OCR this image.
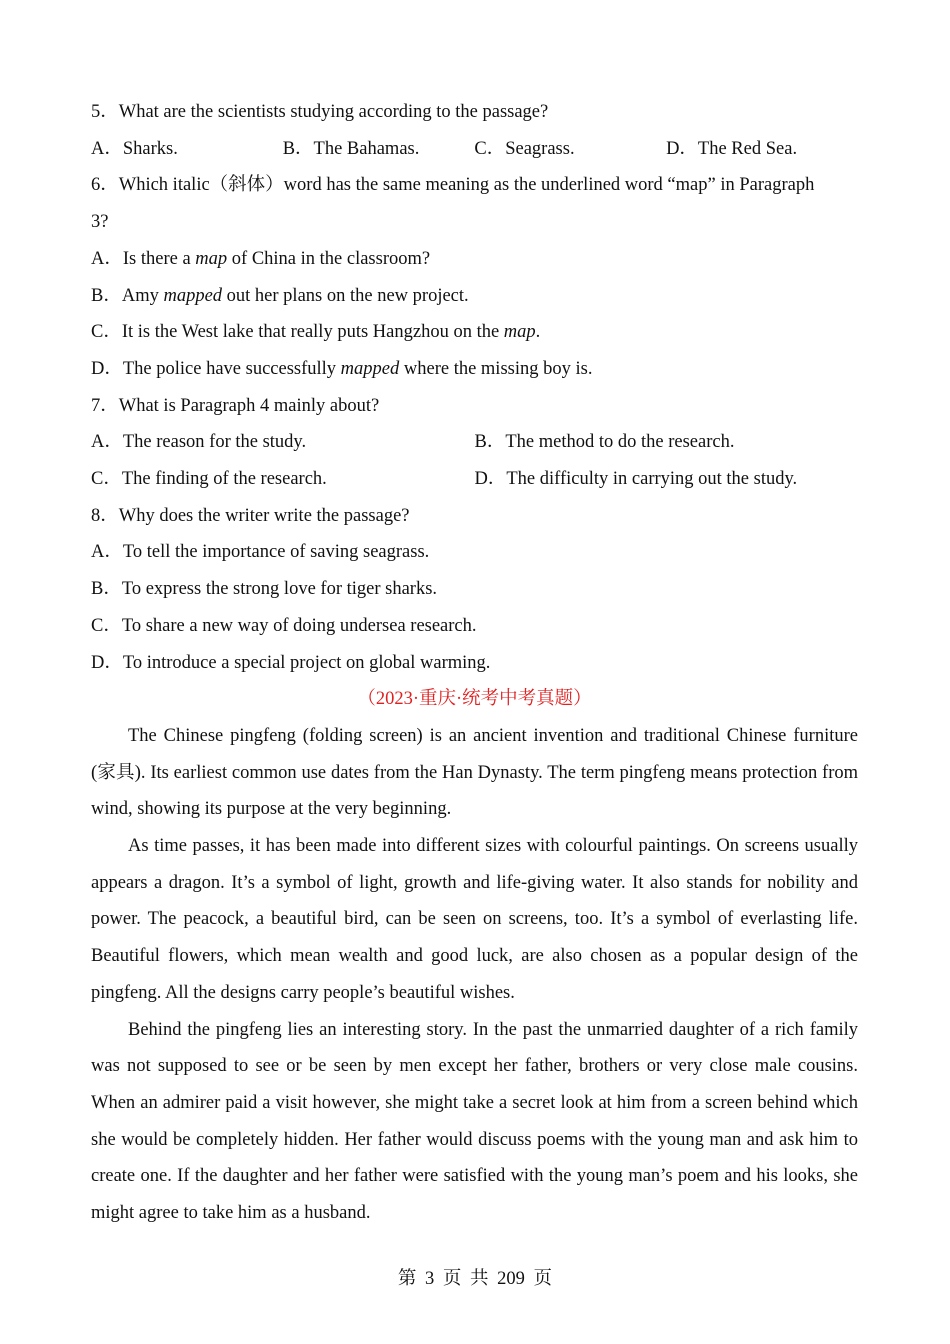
5．What are the scientists studying according to the passage?
A．Sharks.	B．The Bahamas.	C．Seagrass.	D．The Red Sea.
6．Which italic（斜体）word has the same meaning as the underlined word “map” in Paragraph
3?
A．Is there a map of China in the classroom?
B．Amy mapped out her plans on the new project.
C．It is the West lake that really puts Hangzhou on the map.
D．The police have successfully mapped where the missing boy is.
7．What is Paragraph 4 mainly about?
A．The reason for the study.	B．The method to do the research.
C．The finding of the research.	D．The difficulty in carrying out the study.
8．Why does the writer write the passage?
A．To tell the importance of saving seagrass.
B．To express the strong love for tiger sharks.
C．To share a new way of doing undersea research.
D．To introduce a special project on global warming.
（2023·重庆·统考中考真题）

The Chinese pingfeng (folding screen) is an ancient invention and traditional Chinese furniture (家具). Its earliest common use dates from the Han Dynasty. The term pingfeng means protection from wind, showing its purpose at the very beginning.

As time passes, it has been made into different sizes with colourful paintings. On screens usually appears a dragon. It’s a symbol of light, growth and life-giving water. It also stands for nobility and power. The peacock, a beautiful bird, can be seen on screens, too. It’s a symbol of everlasting life. Beautiful flowers, which mean wealth and good luck, are also chosen as a popular design of the pingfeng. All the designs carry people’s beautiful wishes.

Behind the pingfeng lies an interesting story. In the past the unmarried daughter of a rich family was not supposed to see or be seen by men except her father, brothers or very close male cousins. When an admirer paid a visit however, she might take a secret look at him from a screen behind which she would be completely hidden. Her father would discuss poems with the young man and ask him to create one. If the daughter and her father were satisfied with the young man’s poem and his looks, she might agree to take him as a husband.

第 3 页 共 209 页
